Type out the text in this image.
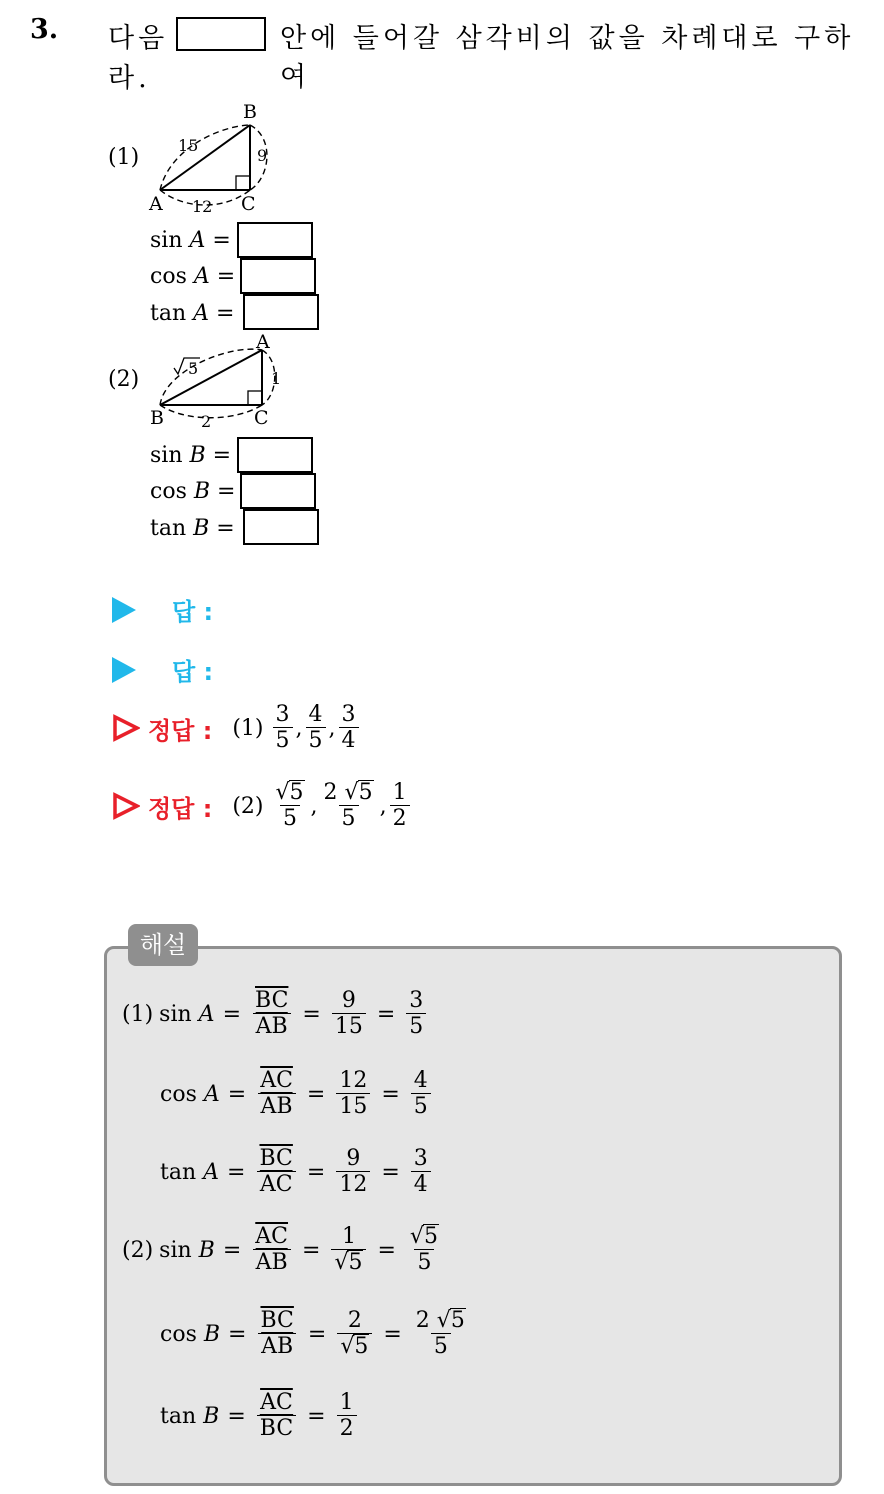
3. 다음	안에 들어갈 삼각비의 값을 차례대로 구하여
라.
(1)
B
A	C
15
9
12
sin A =
cos A =
tan A =
(2)
A
B	C
5
1
2
sin B =
cos B =
tan B =
답 :
답 :
정답 : $(1) \frac{3}{5}$ , $\frac{4}{5}$ , $\frac{3}{4}$
정답 : $(2) \frac{√5}{5}$ , $\frac{2 √5}{5}$ , $\frac{1}{2}$
해설
(1) sin
$A = \frac{\overline{BC}}{AB} = \frac{9}{15} = \frac{3}{5}$
cos
$A = \frac{\overline{AC}}{AB} = \frac{12}{15} = \frac{4}{5}$
tan
$A = \frac{\overline{BC}}{AC} = \frac{9}{12} = \frac{3}{4}$
(2) sin
$B = \frac{\overline{AC}}{AB} = \frac{1}{√5} = \frac{√5}{5}$
cos
$B = \frac{\overline{BC}}{AB} = \frac{2}{√5} = \frac{2 √5}{5}$
tan
$B = \frac{\overline{AC}}{BC} = \frac{1}{2}$
